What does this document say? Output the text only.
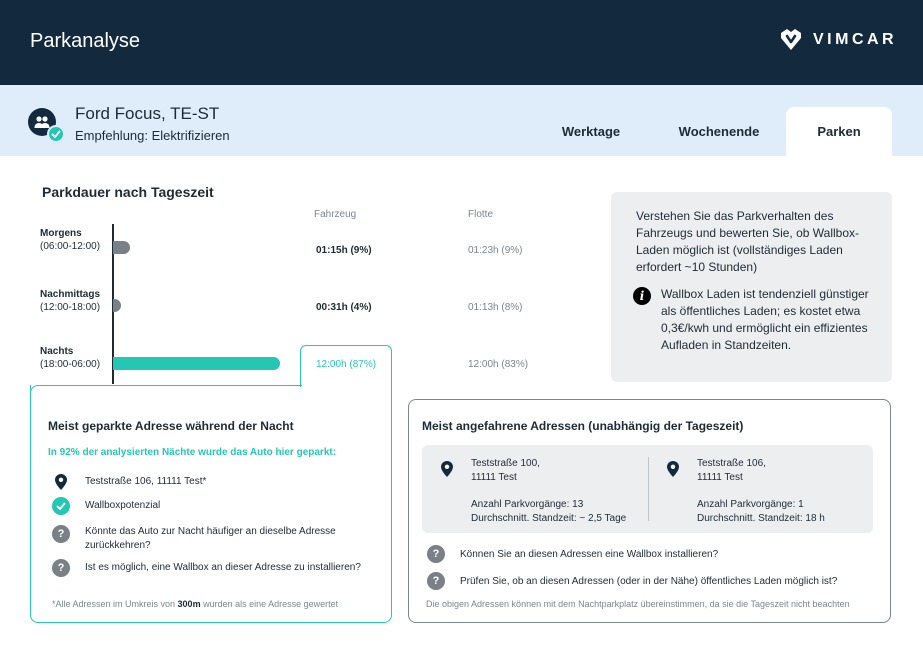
Parkanalyse	VIMCAR
Ford Focus, TE-ST
Empfehlung: Elektrifizieren	Werktage	Wochenende	Parken
Parkdauer nach Tageszeit
Fahrzeug	Flotte
Morgens
(06:00-12:00)	01:15h (9%)	01:23h (9%)
Nachmittags
(12:00-18:00)	00:31h (4%)	01:13h (8%)
Nachts
(18:00-06:00)	12:00h (87%)	12:00h (83%)
Verstehen Sie das Parkverhalten des Fahrzeugs und bewerten Sie, ob Wallbox-Laden möglich ist (vollständiges Laden erfordert ~10 Stunden)
i	Wallbox Laden ist tendenziell günstiger als öffentliches Laden; es kostet etwa 0,3€/kwh und ermöglicht ein effizientes Aufladen in Standzeiten.
Meist geparkte Adresse während der Nacht
In 92% der analysierten Nächte wurde das Auto hier geparkt:
Teststraße 106, 11111 Test*
Wallboxpotenzial
?	Könnte das Auto zur Nacht häufiger an dieselbe Adresse zurückkehren?
?	Ist es möglich, eine Wallbox an dieser Adresse zu installieren?
*Alle Adressen im Umkreis von 300m wurden als eine Adresse gewertet
Meist angefahrene Adressen (unabhängig der Tageszeit)
Teststraße 100,
11111 Test
Anzahl Parkvorgänge: 13
Durchschnitt. Standzeit: ~ 2,5 Tage
Teststraße 106,
11111 Test
Anzahl Parkvorgänge: 1
Durchschnitt. Standzeit: 18 h
?	Können Sie an diesen Adressen eine Wallbox installieren?
?	Prüfen Sie, ob an diesen Adressen (oder in der Nähe) öffentliches Laden möglich ist?
Die obigen Adressen können mit dem Nachtparkplatz übereinstimmen, da sie die Tageszeit nicht beachten
